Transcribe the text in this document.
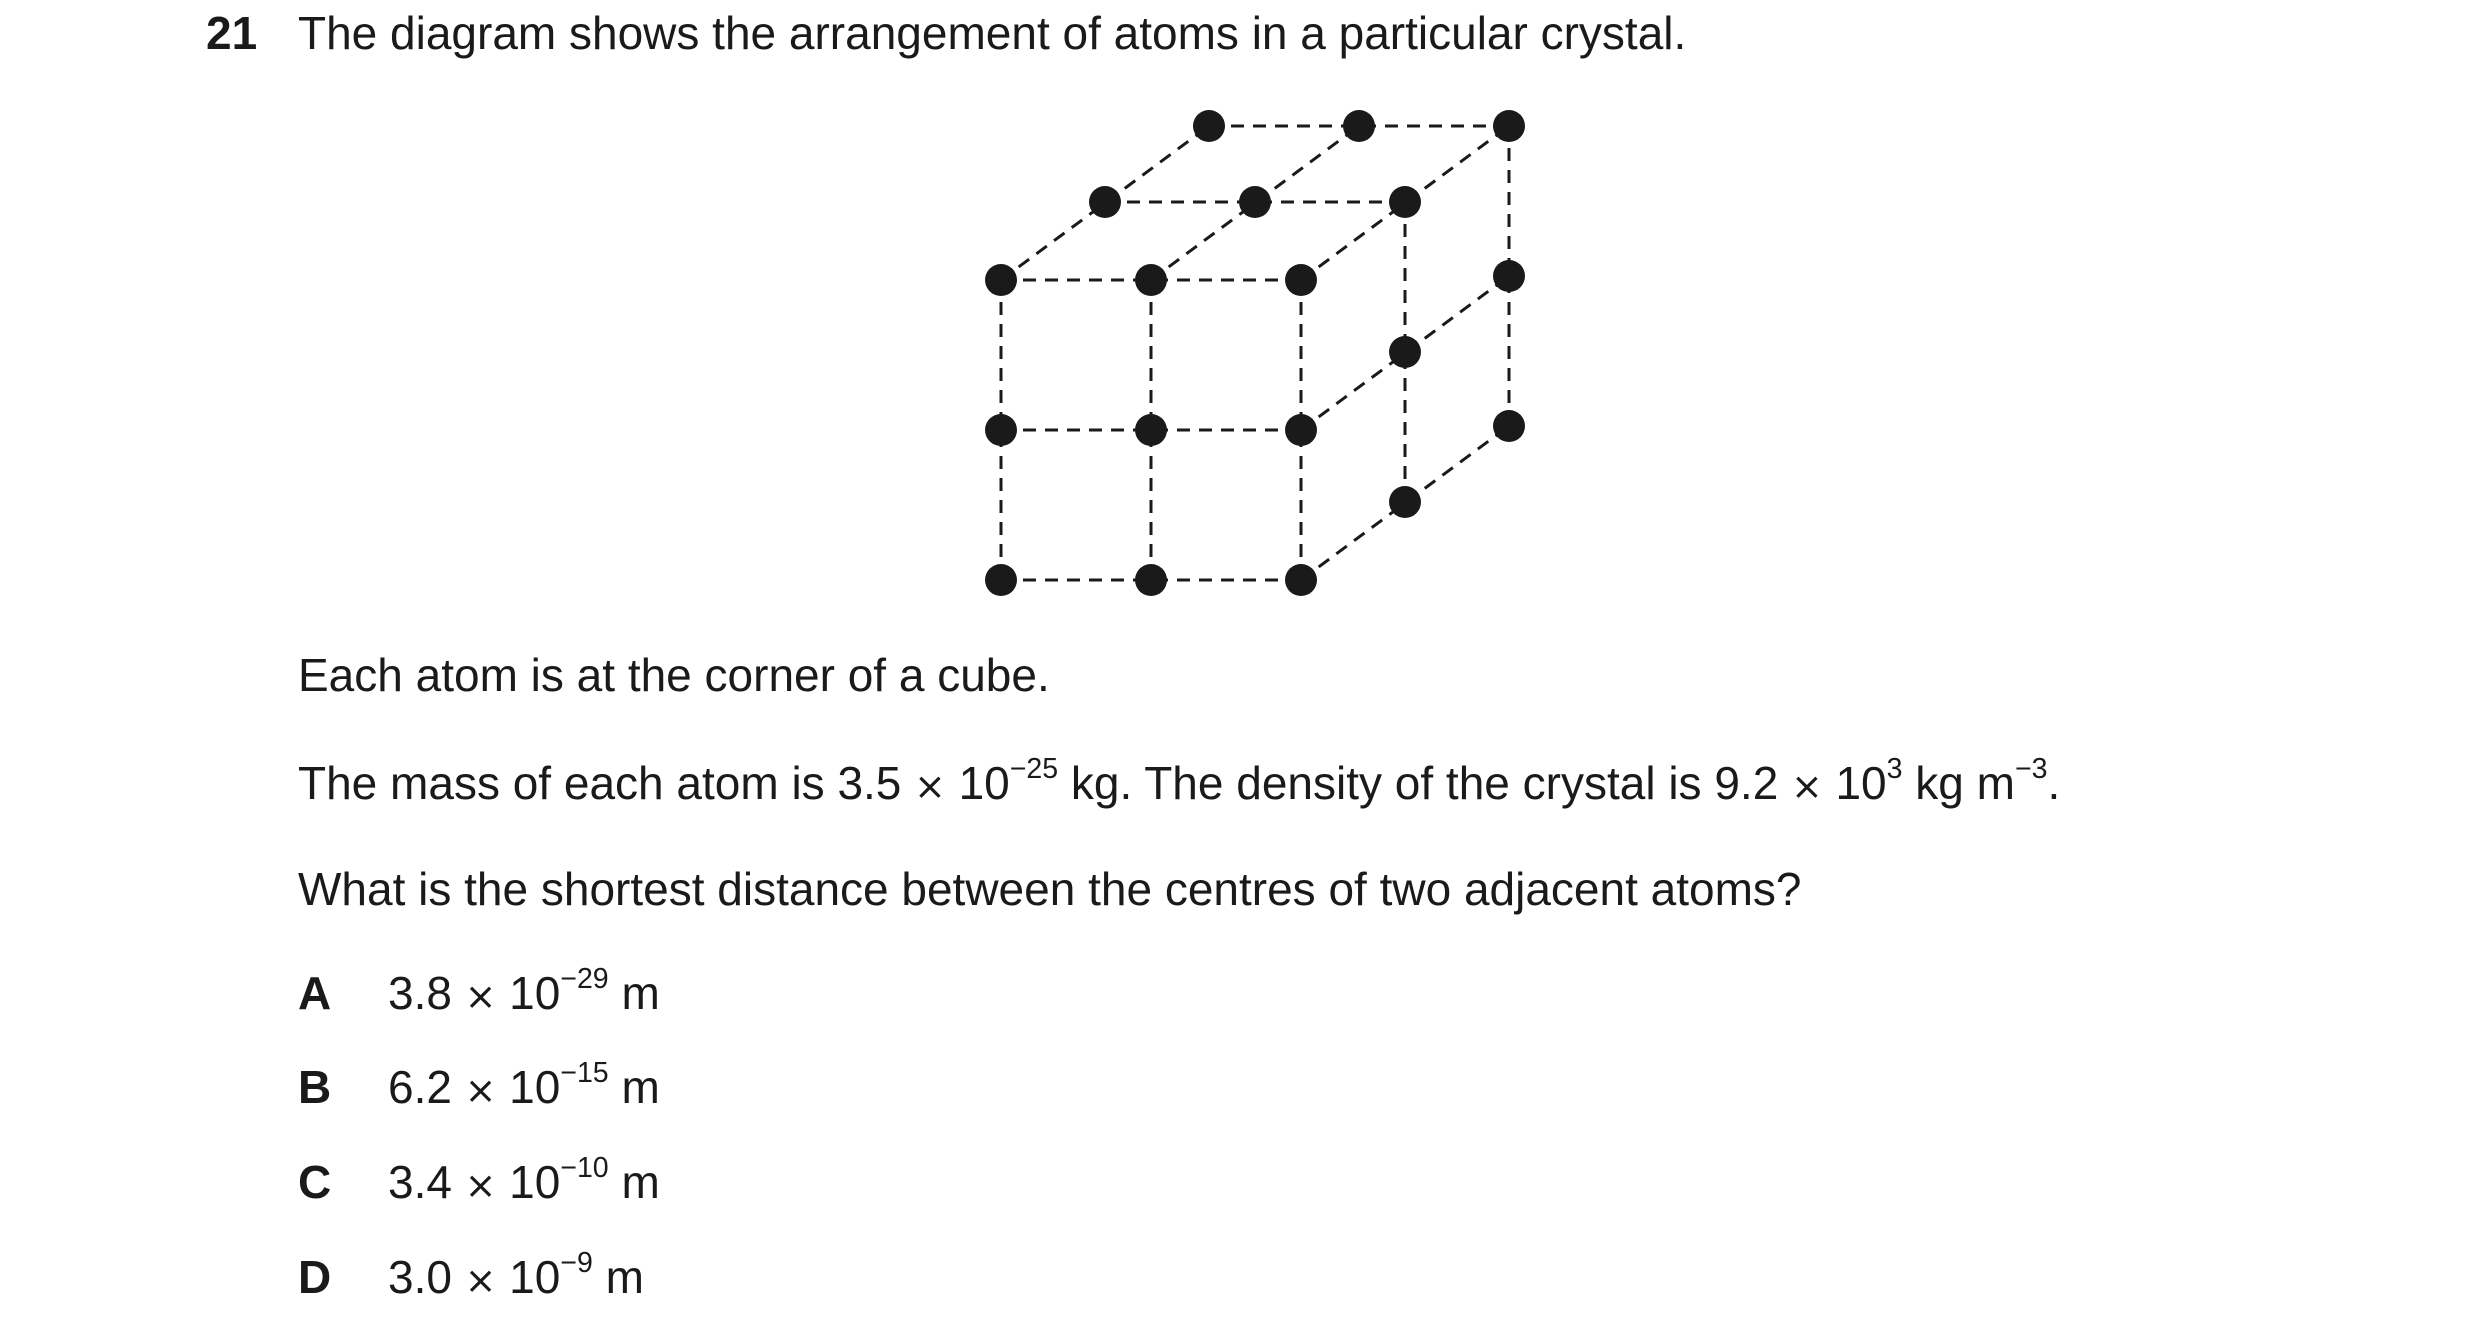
21 The diagram shows the arrangement of atoms in a particular crystal.
Each atom is at the corner of a cube.
The mass of each atom is $3.5 \times 10^{-25}$ kg. The density of the crystal is $9.2 \times 10^3$ kg $m^{-3}$.
What is the shortest distance between the centres of two adjacent atoms?
A $3.8 \times 10^{-29}$ m
B $6.2 \times 10^{-15}$ m
C $3.4 \times 10^{-10}$ m
D $3.0 \times 10^{-9}$ m
